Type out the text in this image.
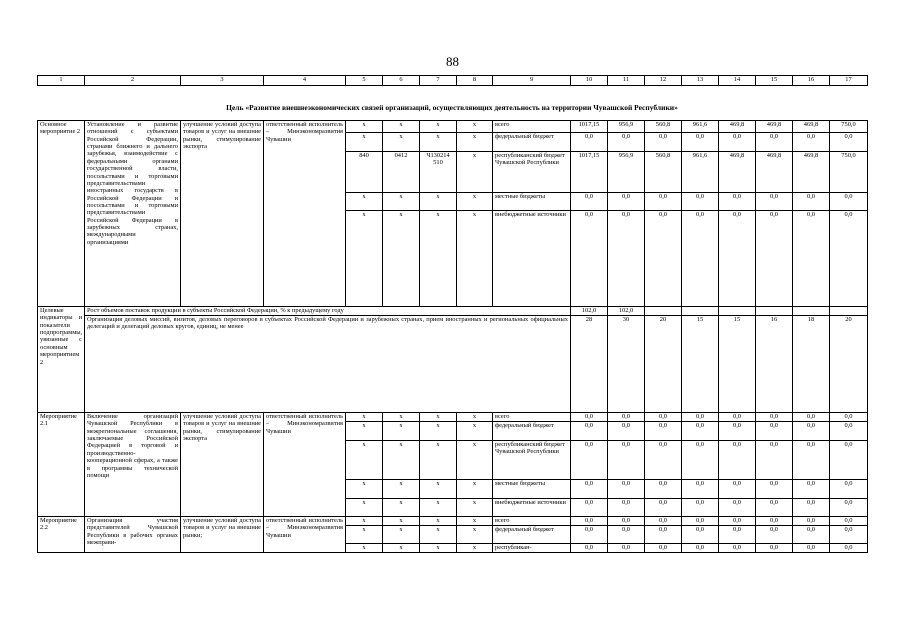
88
1	2	3	4	5	6	7	8	9	10	11	12	13	14	15	16	17
Цель «Развитие внешнеэкономических связей организаций, осуществляющих деятельность на территории Чувашской Республики»
Основное мероприятие 2	Установление и развитие отношений с субъектами Российской Федерации, странами ближнего и дальнего зарубежья, взаимодействие с федеральными органами государственной власти, посольствами и торговыми представительствами иностранных государств в Российской Федерации и посольствами и торговыми представительствами Российской Федерации в зарубежных странах, международными организациями	улучшение условий доступа товаров и услуг на внешние рынки, стимулирование экспорта	ответственный исполнитель – Минэкономразвития Чувашии	x	x	x	x	всего	1017,15	956,9	560,8	961,6	469,8	469,8	469,8	750,0
				x	x	x	x	федеральный бюджет	0,0	0,0	0,0	0,0	0,0	0,0	0,0	0,0
				840	0412	Ч130214 510	x	республиканский бюджет Чувашской Республики	1017,15	956,9	560,8	961,6	469,8	469,8	469,8	750,0
				x	x	x	x	местные бюджеты	0,0	0,0	0,0	0,0	0,0	0,0	0,0	0,0
				x	x	x	x	внебюджетные источники	0,0	0,0	0,0	0,0	0,0	0,0	0,0	0,0
Целевые индикаторы и показатели подпрограммы, увязанные с основным мероприятием 2	Рост объемов поставок продукции в субъекты Российской Федерации, % к предыдущему году								102,0	102,0						
	Организация деловых миссий, визитов, деловых переговоров в субъектах Российской Федерации и зарубежных странах, прием иностранных и региональных официальных делегаций и делегаций деловых кругов, единиц, не менее								28	30	20	15	15	16	18	20
Мероприятие 2.1	Включение организаций Чувашской Республики в межрегиональные соглашения, заключаемые Российской Федерацией в торговой и производственно-кооперационной сферах, а также в программы технической помощи	улучшение условий доступа товаров и услуг на внешние рынки, стимулирование экспорта	ответственный исполнитель – Минэкономразвития Чувашии	x	x	x	x	всего	0,0	0,0	0,0	0,0	0,0	0,0	0,0	0,0
				x	x	x	x	федеральный бюджет	0,0	0,0	0,0	0,0	0,0	0,0	0,0	0,0
				x	x	x	x	республиканский бюджет Чувашской Республики	0,0	0,0	0,0	0,0	0,0	0,0	0,0	0,0
				x	x	x	x	местные бюджеты	0,0	0,0	0,0	0,0	0,0	0,0	0,0	0,0
				x	x	x	x	внебюджетные источники	0,0	0,0	0,0	0,0	0,0	0,0	0,0	0,0
Мероприятие 2.2	Организация участия представителей Чувашской Республики в рабочих органах межправи-	улучшение условий доступа товаров и услуг на внешние рынки;	ответственный исполнитель – Минэкономразвития Чувашии	x	x	x	x	всего	0,0	0,0	0,0	0,0	0,0	0,0	0,0	0,0
				x	x	x	x	федеральный бюджет	0,0	0,0	0,0	0,0	0,0	0,0	0,0	0,0
				x	x	x	x	республикан-	0,0	0,0	0,0	0,0	0,0	0,0	0,0	0,0
